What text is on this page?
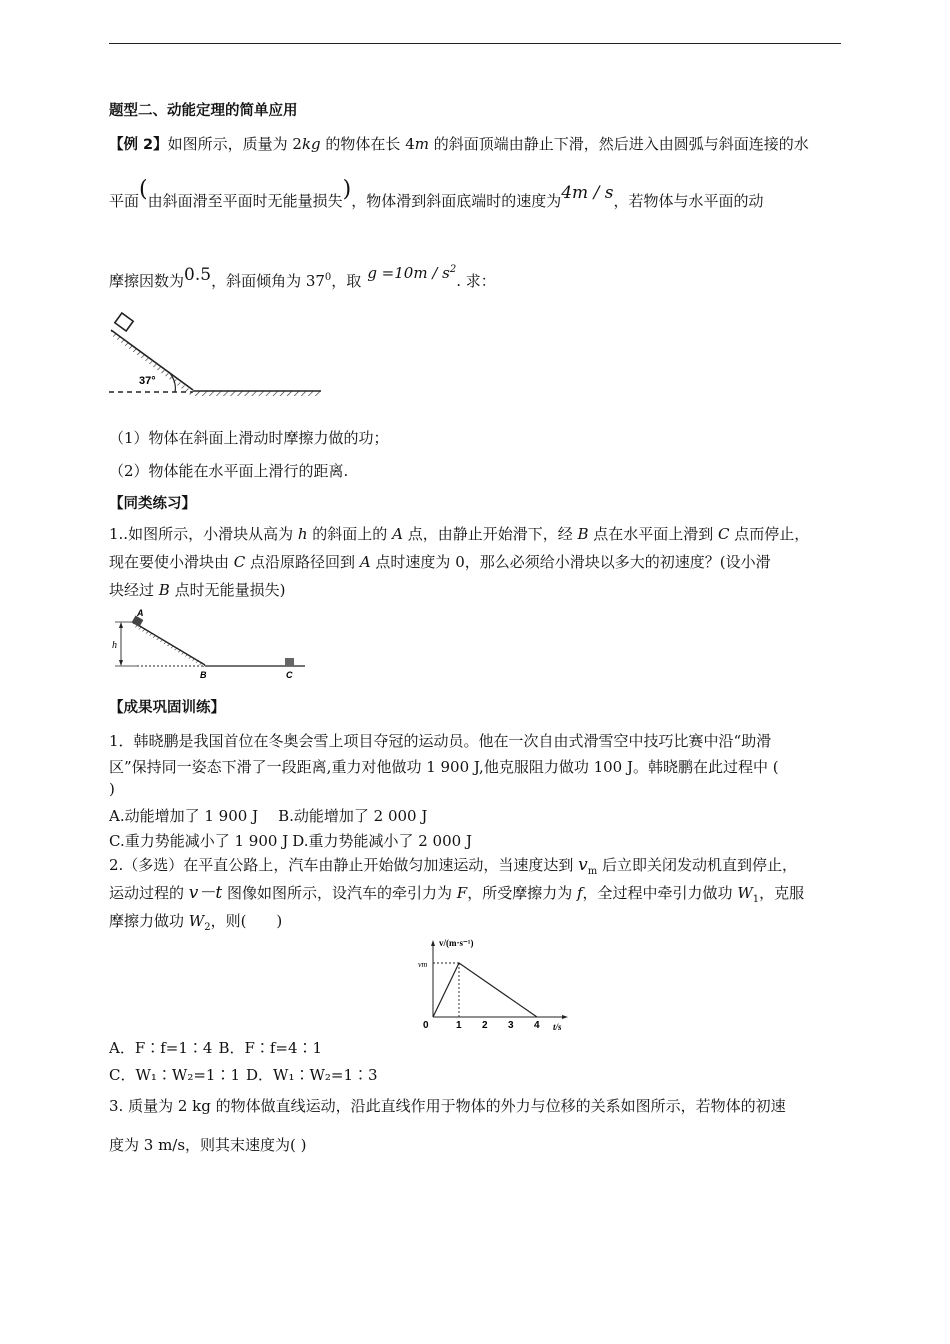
题型二、动能定理的简单应用
【例 2】如图所示，质量为 2kg 的物体在长 4m 的斜面顶端由静止下滑，然后进入由圆弧与斜面连接的水
平面(由斜面滑至平面时无能量损失)，物体滑到斜面底端时的速度为4m / s，若物体与水平面的动
摩擦因数为0.5，斜面倾角为 $37^0$，取 $g =10m / s^2$. 求：
37°
（1）物体在斜面上滑动时摩擦力做的功；
（2）物体能在水平面上滑行的距离.
【同类练习】
1..如图所示，小滑块从高为 h 的斜面上的 A 点，由静止开始滑下，经 B 点在水平面上滑到 C 点而停止，
现在要使小滑块由 C 点沿原路径回到 A 点时速度为 0，那么必须给小滑块以多大的初速度？(设小滑
块经过 B 点时无能量损失)
h
A
B	C
【成果巩固训练】
1．韩晓鹏是我国首位在冬奥会雪上项目夺冠的运动员。他在一次自由式滑雪空中技巧比赛中沿“助滑
区”保持同一姿态下滑了一段距离,重力对他做功 1 900 J,他克服阻力做功 100 J。韩晓鹏在此过程中 (
)
A.动能增加了 1 900 J B.动能增加了 2 000 J
C.重力势能减小了 1 900 J D.重力势能减小了 2 000 J
2.（多选）在平直公路上，汽车由静止开始做匀加速运动，当速度达到 $v_m$ 后立即关闭发动机直到停止，
运动过程的 v－t 图像如图所示，设汽车的牵引力为 F，所受摩擦力为 f，全过程中牵引力做功 $W_1$，克服
摩擦力做功 $W_2$，则(　　)
v/(m·s⁻¹)
t/s
vm
0	1 2 3 4
A．F∶f=1∶4 B．F∶f=4∶1
C．W₁∶W₂=1∶1 D．W₁∶W₂=1∶3
3. 质量为 2 kg 的物体做直线运动，沿此直线作用于物体的外力与位移的关系如图所示，若物体的初速
度为 3 m/s，则其末速度为( )
